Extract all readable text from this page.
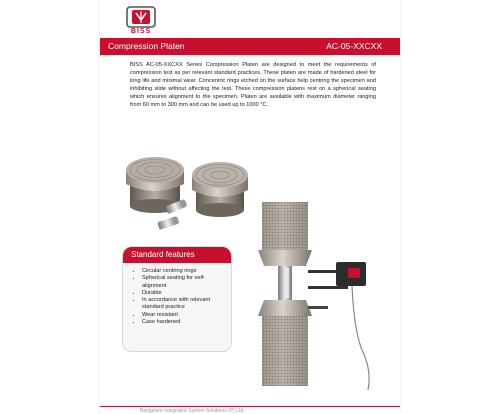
BISS
Compression Platen	AC-05-XXCXX

BISS AC-05-XXCXX Series Compression Platen are designed to meet the requirements of compression test as per relevant standard practices. These platen are made of hardened steel for long life and minimal wear. Concentric rings etched on the surface help centring the specimen and inhibiting slide without affecting the test. These compression platens rest on a spherical seating which ensures alignment to the specimen. Platen are available with maximum diameter ranging from 60 mm to 300 mm and can be used up to 1000 °C.

Standard features
• Circular centring rings
• Spherical seating for self-alignment
• Durable
• In accordance with relevant standard practice
• Wear resistant
• Case hardened
Bangalore Integrated System Solutions (P) Ltd.
